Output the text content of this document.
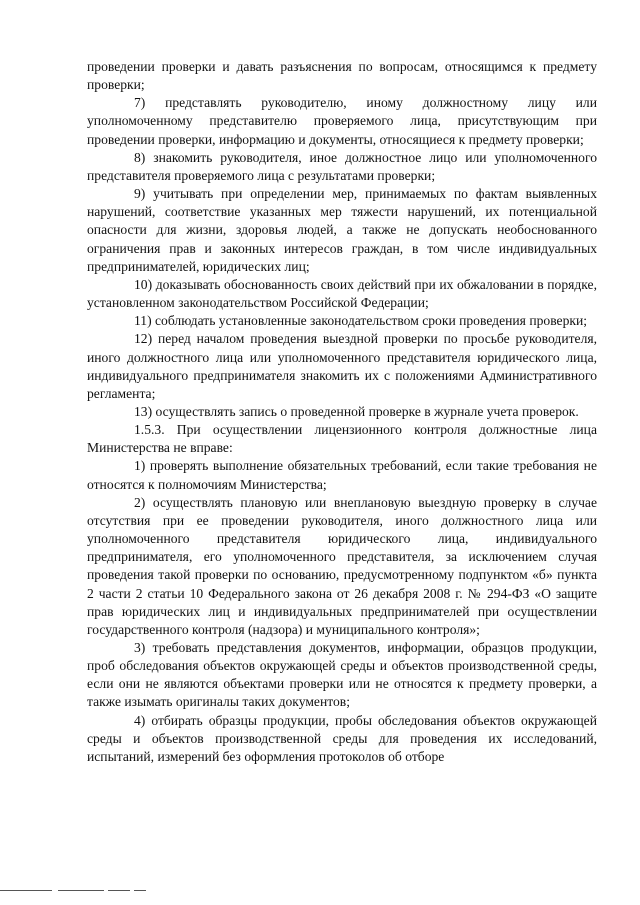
проведении проверки и давать разъяснения по вопросам, относящимся к предмету проверки;

7) представлять руководителю, иному должностному лицу или уполномоченному представителю проверяемого лица, присутствующим при проведении проверки, информацию и документы, относящиеся к предмету проверки;

8) знакомить руководителя, иное должностное лицо или уполномоченного представителя проверяемого лица с результатами проверки;

9) учитывать при определении мер, принимаемых по фактам выявленных нарушений, соответствие указанных мер тяжести нарушений, их потенциальной опасности для жизни, здоровья людей, а также не допускать необоснованного ограничения прав и законных интересов граждан, в том числе индивидуальных предпринимателей, юридических лиц;

10) доказывать обоснованность своих действий при их обжаловании в порядке, установленном законодательством Российской Федерации;

11) соблюдать установленные законодательством сроки проведения проверки;

12) перед началом проведения выездной проверки по просьбе руководителя, иного должностного лица или уполномоченного представителя юридического лица, индивидуального предпринимателя знакомить их с положениями Административного регламента;

13) осуществлять запись о проведенной проверке в журнале учета проверок.

1.5.3. При осуществлении лицензионного контроля должностные лица Министерства не вправе:

1) проверять выполнение обязательных требований, если такие требования не относятся к полномочиям Министерства;

2) осуществлять плановую или внеплановую выездную проверку в случае отсутствия при ее проведении руководителя, иного должностного лица или уполномоченного представителя юридического лица, индивидуального предпринимателя, его уполномоченного представителя, за исключением случая проведения такой проверки по основанию, предусмотренному подпунктом «б» пункта 2 части 2 статьи 10 Федерального закона от 26 декабря 2008 г. № 294-ФЗ «О защите прав юридических лиц и индивидуальных предпринимателей при осуществлении государственного контроля (надзора) и муниципального контроля»;

3) требовать представления документов, информации, образцов продукции, проб обследования объектов окружающей среды и объектов производственной среды, если они не являются объектами проверки или не относятся к предмету проверки, а также изымать оригиналы таких документов;

4) отбирать образцы продукции, пробы обследования объектов окружающей среды и объектов производственной среды для проведения их исследований, испытаний, измерений без оформления протоколов об отборе
